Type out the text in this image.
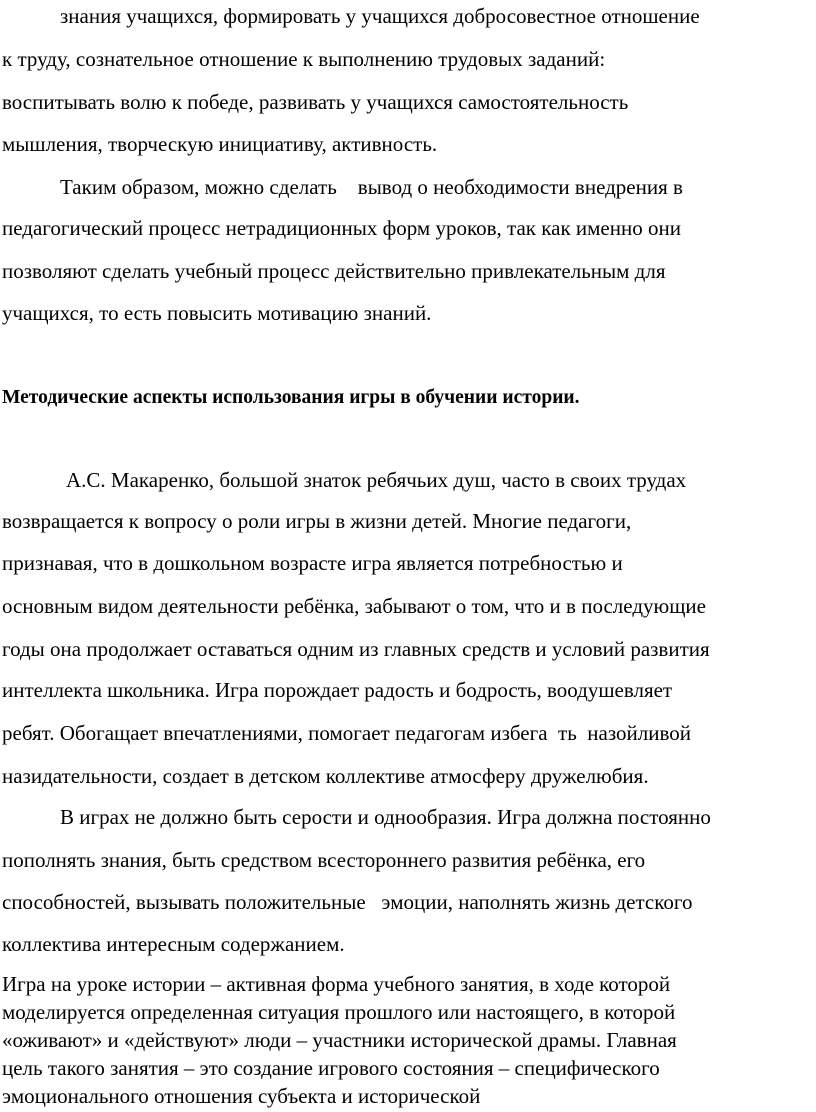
знания учащихся, формировать у учащихся добросовестное отношение
к труду, сознательное отношение к выполнению трудовых заданий:
воспитывать волю к победе, развивать у учащихся самостоятельность
мышления, творческую инициативу, активность.
Таким образом, можно сделать    вывод о необходимости внедрения в
педагогический процесс нетрадиционных форм уроков, так как именно они
позволяют сделать учебный процесс действительно привлекательным для
учащихся, то есть повысить мотивацию знаний.
Методические аспекты использования игры в обучении истории.
А.С. Макаренко, большой знаток ребячьих душ, часто в своих трудах
возвращается к вопросу о роли игры в жизни детей. Многие педагоги,
признавая, что в дошкольном возрасте игра является потребностью и
основным видом деятельности ребёнка, забывают о том, что и в последующие
годы она продолжает оставаться одним из главных средств и условий развития
интеллекта школьника. Игра порождает радость и бодрость, воодушевляет
ребят. Обогащает впечатлениями, помогает педагогам избега  ть  назойливой
назидательности, создает в детском коллективе атмосферу дружелюбия.
В играх не должно быть серости и однообразия. Игра должна постоянно
пополнять знания, быть средством всестороннего развития ребёнка, его
способностей, вызывать положительные   эмоции, наполнять жизнь детского
коллектива интересным содержанием.
Игра на уроке истории – активная форма учебного занятия, в ходе которой
моделируется определенная ситуация прошлого или настоящего, в которой
«оживают» и «действуют» люди – участники исторической драмы. Главная
цель такого занятия – это создание игрового состояния – специфического
эмоционального отношения субъекта и исторической
